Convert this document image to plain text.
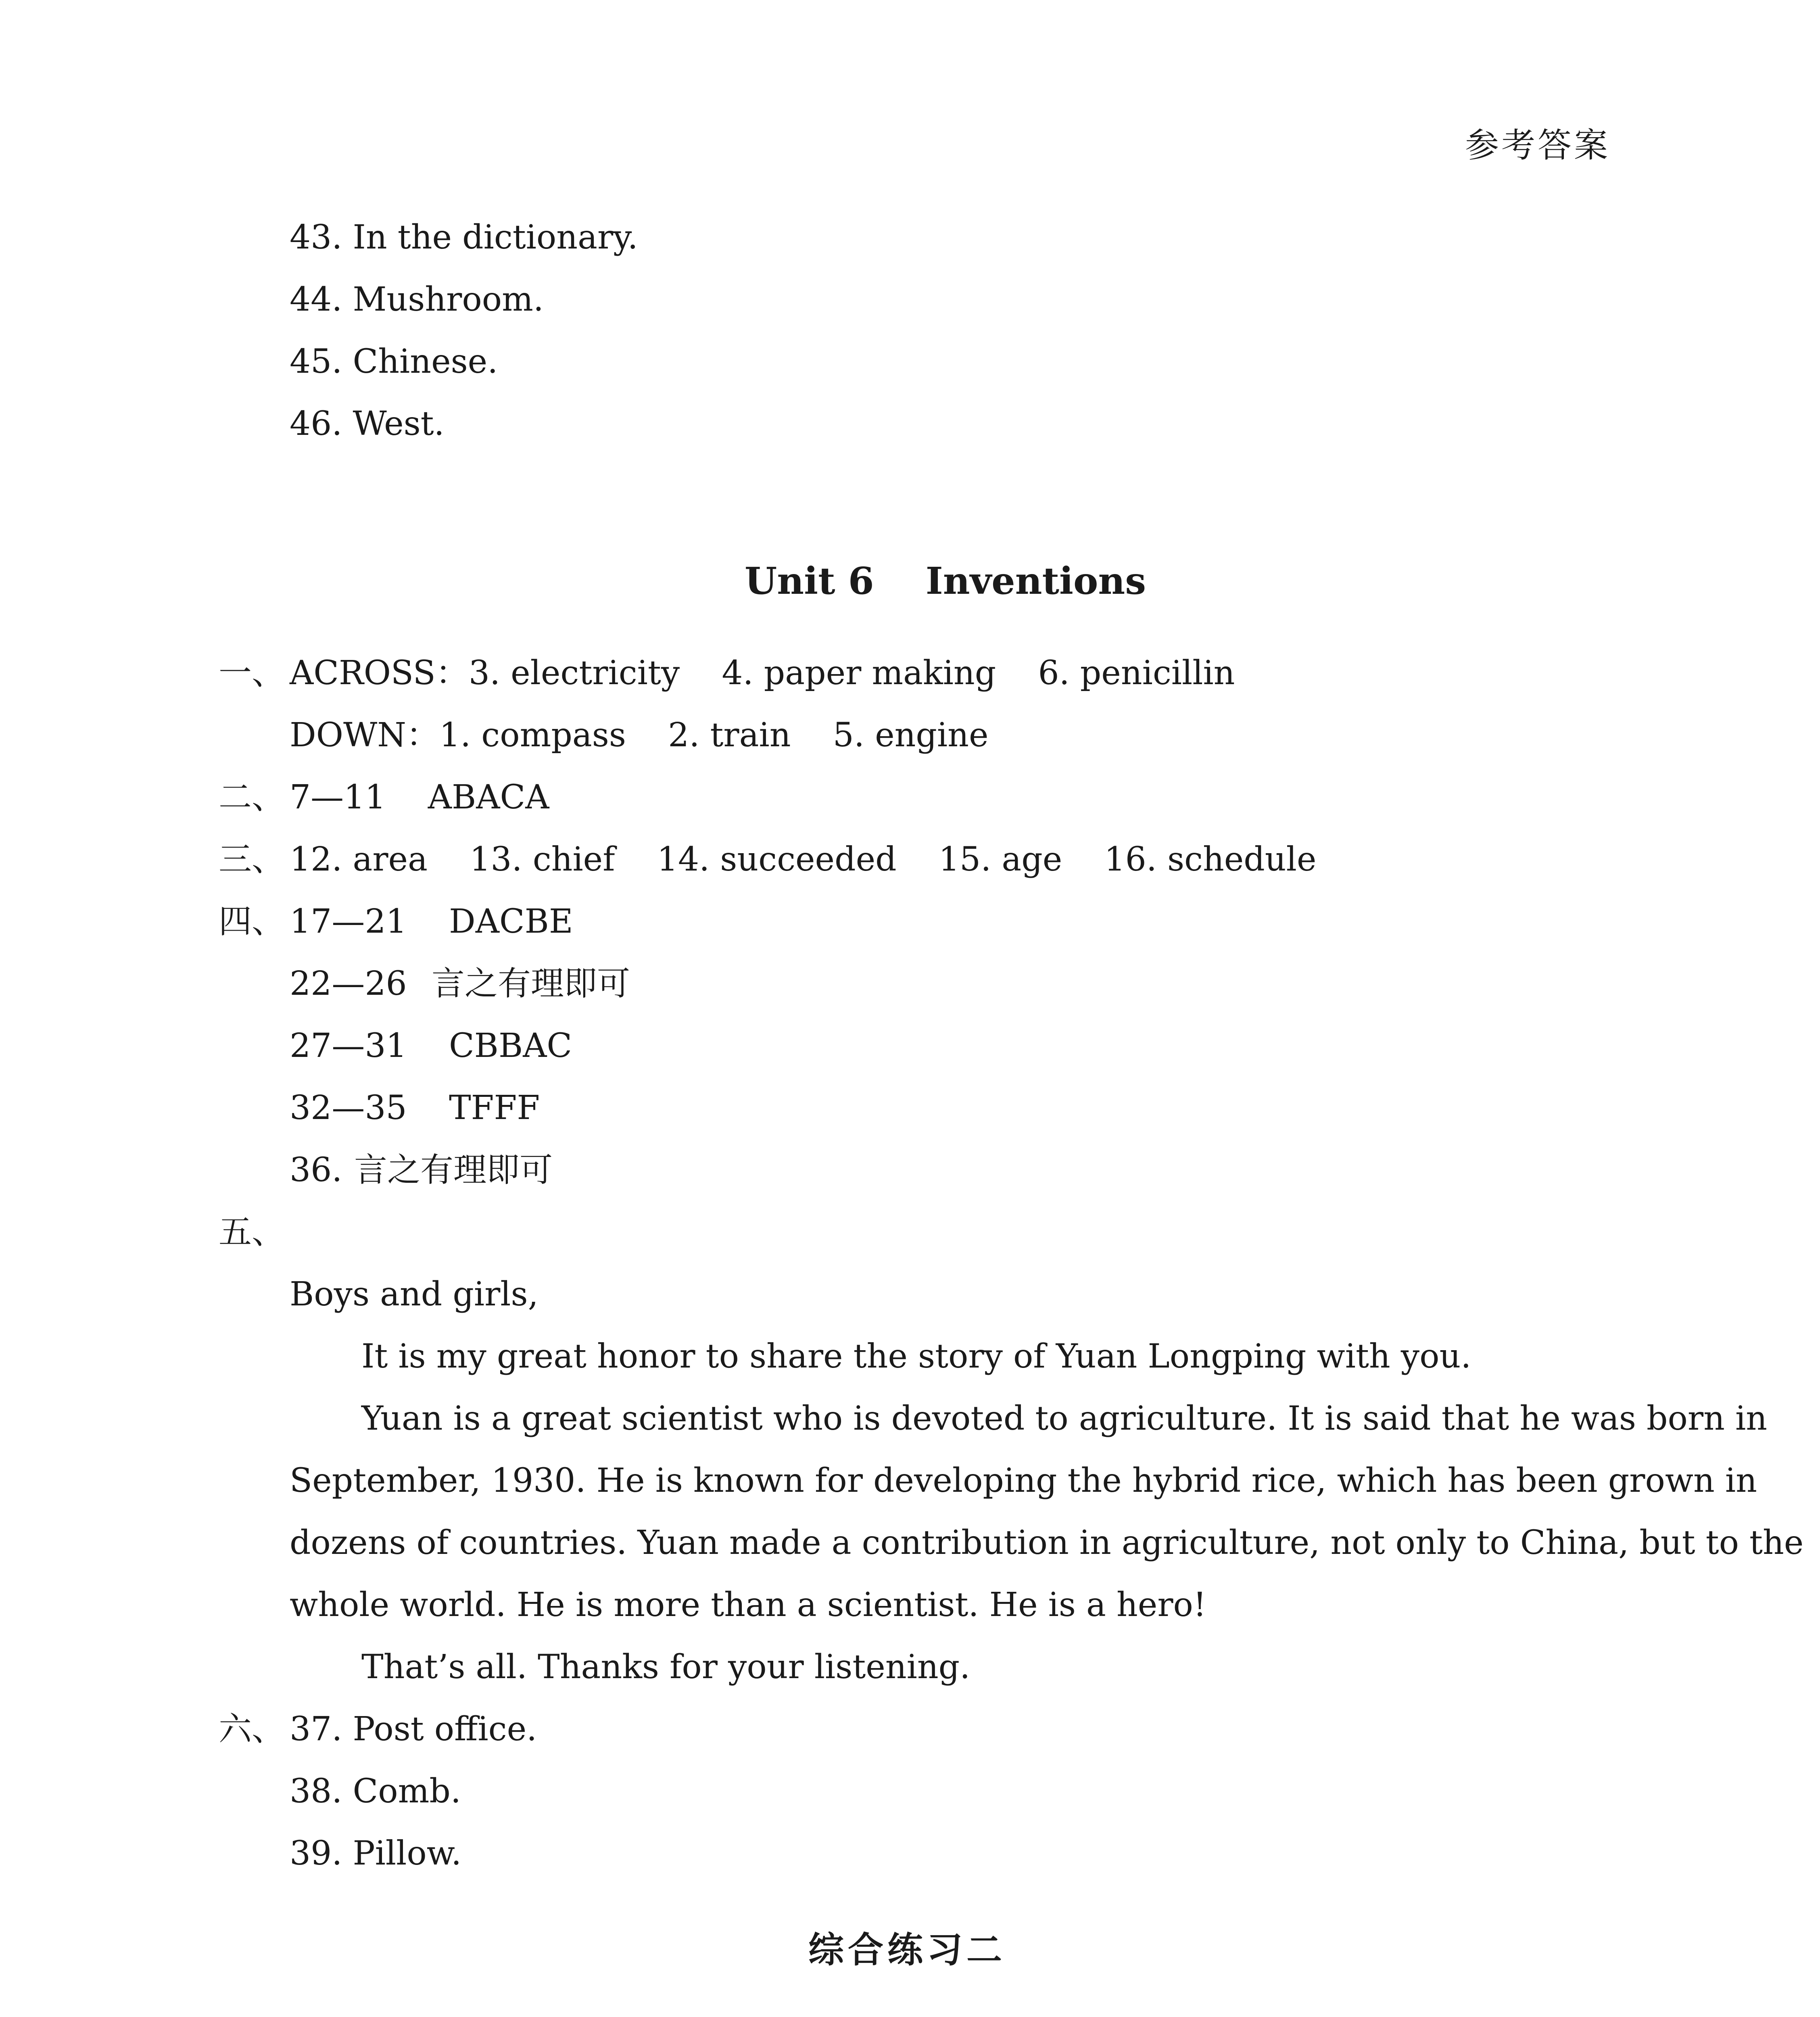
参考答案
43. In the dictionary.
44. Mushroom.
45. Chinese.
46. West.
Unit 6    Inventions
一、 ACROSS：3. electricity    4. paper making    6. penicillin
DOWN：1. compass    2. train    5. engine
二、 7—11    ABACA
三、 12. area    13. chief    14. succeeded    15. age    16. schedule
四、 17—21    DACBE
22—26 言之有理即可
27—31    CBBAC
32—35    TFFF
36. 言之有理即可
五、
Boys and girls,
It is my great honor to share the story of Yuan Longping with you.
Yuan is a great scientist who is devoted to agriculture. It is said that he was born in
September, 1930. He is known for developing the hybrid rice, which has been grown in
dozens of countries. Yuan made a contribution in agriculture, not only to China, but to the
whole world. He is more than a scientist. He is a hero!
That’s all. Thanks for your listening.
六、 37. Post office.
38. Comb.
39. Pillow.
综合练习二
